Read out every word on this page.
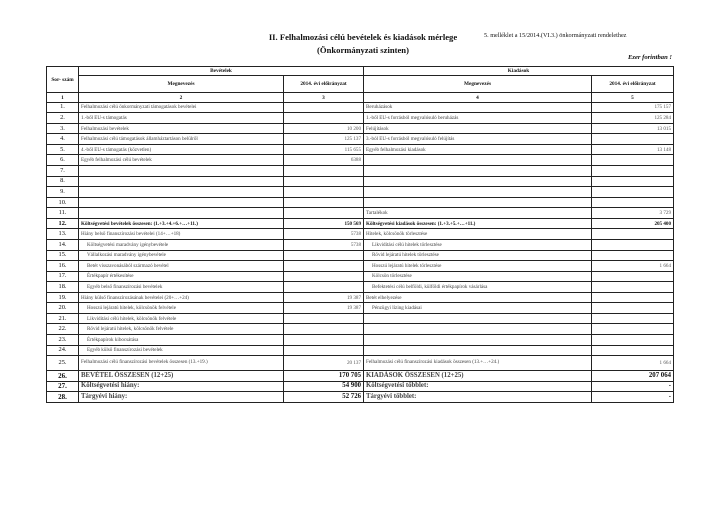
II. Felhalmozási célú bevételek és kiadások mérlege
(Önkormányzati szinten)
5. melléklet a 15/2014.(VI.3.) önkormányzati rendelethez
Ezer forintban !
Sor- szám	Bevételek		Kiadások	
	Megnevezés	2014. évi előirányzat	Megnevezés	2014. évi előirányzat
1	2	3	4	5
1.	Felhalmozási célú önkormányzati támogatások bevételei		Beruházások	175 157
2.	1.-ből EU-s támogatás		1.-ből EU-s forrásból megvalósuló beruházás	125 284
3.	Felhalmozási bevételek	10 200	Felújítások	13 015
4.	Felhalmozási célú támogatások államháztartáson belülről	125 137	3.-ból EU-s forrásból megvalósuló felújítás	
5.	4.-ből EU-s támogatás (közvetlen)	115 655	Egyéb felhalmozási kiadások	13 148
6.	Egyéb felhalmozási célú bevételek	6388		
7.				
8.				
9.				
10.				
11.			Tartalékok	3 729
12.	Költségvetési bevételek összesen: (1.+3.+4.+6.+…+11.)	150 569	Költségvetési kiadások összesen: (1.+3.+5.+…+11.)	205 400
13.	Hiány belső finanszírozási bevételei (14+…+18)	5738	Hitelek, kölcsönök törlesztése	
14.	Költségvetési maradvány igénybevétele	5738	Likviditási célú hitelek törlesztése	
15.	Vállalkozási maradvány igénybevétele		Rövid lejáratú hitelek törlesztése	
16.	Betét visszavonásából származó bevétel		Hosszú lejáratú hitelek törlesztése	1 664
17.	Értékpapír értékesítése		Kölcsön törlesztése	
18.	Egyéb belső finanszírozási bevételek		Befektetési célú belföldi, külföldi értékpapírok vásárlása	
19.	Hiány külső finanszírozásának bevételei (20+…+24)	19 387	Betét elhelyezése	
20.	Hosszú lejáratú hitelek, kölcsönök felvétele	19 387	Pénzügyi lízing kiadásai	
21.	Likviditási célú hitelek, kölcsönök felvétele			
22.	Rövid lejáratú hitelek, kölcsönök felvétele			
23.	Értékpapírok kibocsátása			
24.	Egyéb külső finanszírozási bevételek			
25.	Felhalmozási célú finanszírozási bevételek összesen (13.+19.)	20 137	Felhalmozási célú finanszírozási kiadások összesen (13.+…+24.)	1 664
26.	BEVÉTEL ÖSSZESEN (12+25)	170 705	KIADÁSOK ÖSSZESEN (12+25)	207 064
27.	Költségvetési hiány:	54 900	Költségvetési többlet:	-
28.	Tárgyévi hiány:	52 726	Tárgyévi többlet:	-
